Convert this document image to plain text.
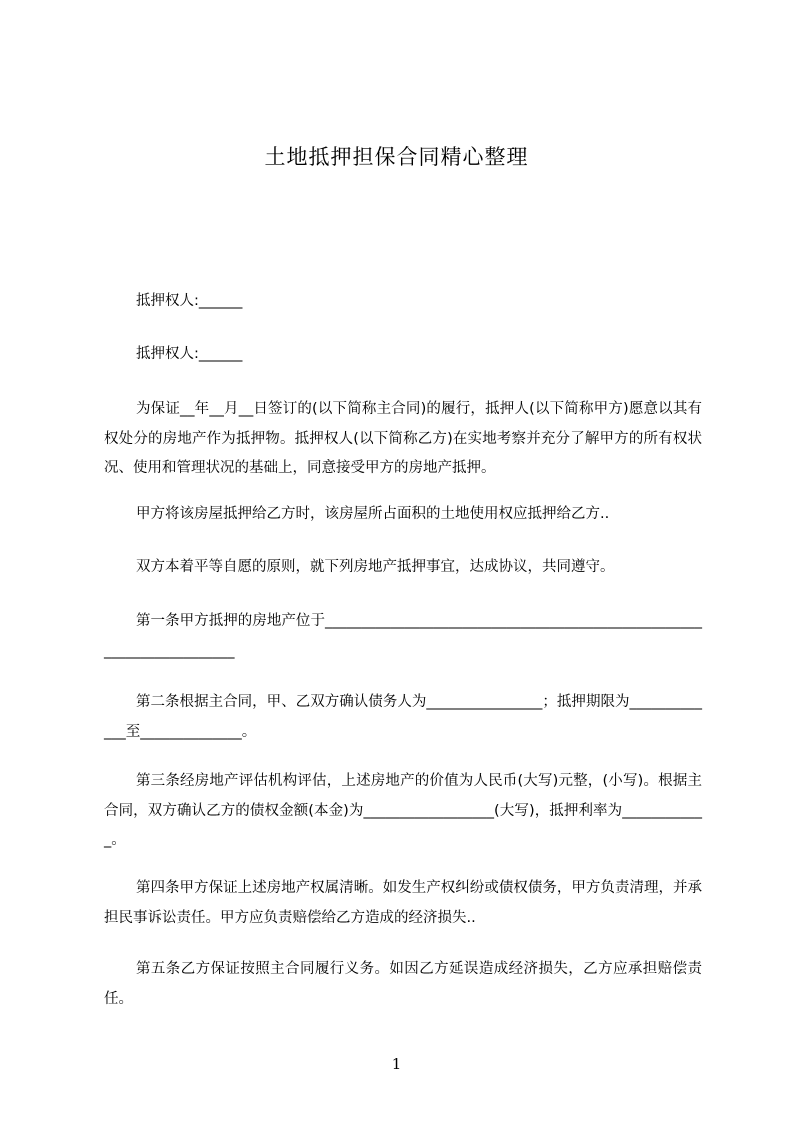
土地抵押担保合同精心整理
抵押权人:______
抵押权人:______
为保证__年__月__日签订的(以下简称主合同)的履行，抵押人(以下简称甲方)愿意以其有权处分的房地产作为抵押物。抵押权人(以下简称乙方)在实地考察并充分了解甲方的所有权状况、使用和管理状况的基础上，同意接受甲方的房地产抵押。
甲方将该房屋抵押给乙方时，该房屋所占面积的土地使用权应抵押给乙方..
双方本着平等自愿的原则，就下列房地产抵押事宜，达成协议，共同遵守。
第一条甲方抵押的房地产位于______________________________________________________________________
第二条根据主合同，甲、乙双方确认债务人为________________；抵押期限为_____________至______________。
第三条经房地产评估机构评估，上述房地产的价值为人民币(大写)元整，(小写)。根据主合同，双方确认乙方的债权金额(本金)为__________________(大写)，抵押利率为____________。
第四条甲方保证上述房地产权属清晰。如发生产权纠纷或债权债务，甲方负责清理，并承担民事诉讼责任。甲方应负责赔偿给乙方造成的经济损失..
第五条乙方保证按照主合同履行义务。如因乙方延误造成经济损失，乙方应承担赔偿责任。
1
